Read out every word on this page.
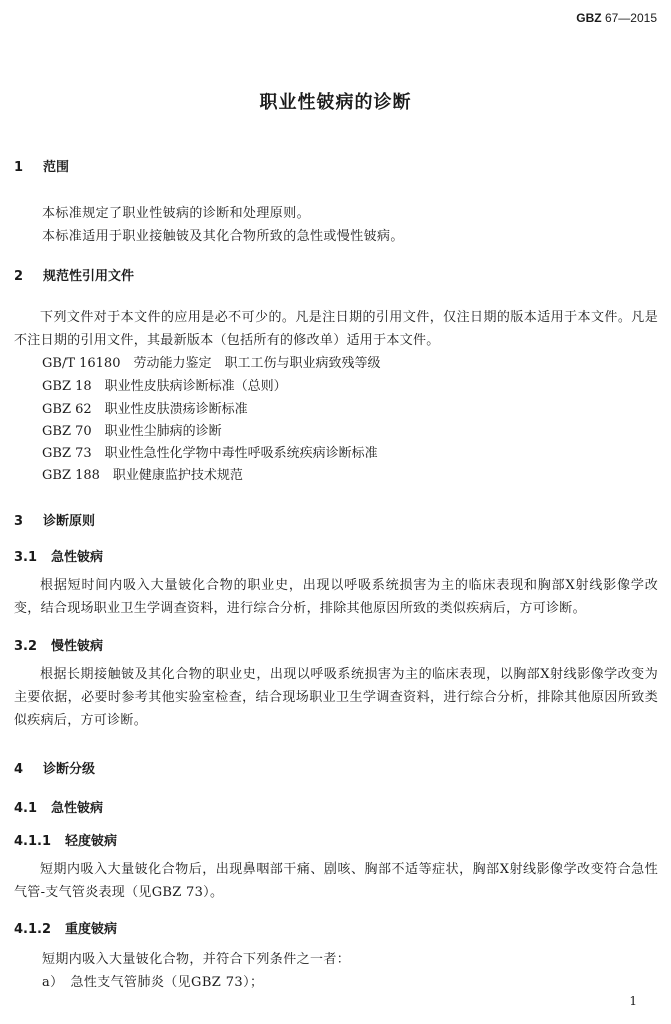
GBZ 67—2015
职业性铍病的诊断
1 范围
本标准规定了职业性铍病的诊断和处理原则。
本标准适用于职业接触铍及其化合物所致的急性或慢性铍病。
2 规范性引用文件
下列文件对于本文件的应用是必不可少的。凡是注日期的引用文件，仅注日期的版本适用于本文件。凡是不注日期的引用文件，其最新版本（包括所有的修改单）适用于本文件。
GB/T 16180　劳动能力鉴定　职工工伤与职业病致残等级
GBZ 18　职业性皮肤病诊断标准（总则）
GBZ 62　职业性皮肤溃疡诊断标准
GBZ 70　职业性尘肺病的诊断
GBZ 73　职业性急性化学物中毒性呼吸系统疾病诊断标准
GBZ 188　职业健康监护技术规范
3 诊断原则
3.1 急性铍病
根据短时间内吸入大量铍化合物的职业史，出现以呼吸系统损害为主的临床表现和胸部X射线影像学改变，结合现场职业卫生学调查资料，进行综合分析，排除其他原因所致的类似疾病后，方可诊断。
3.2 慢性铍病
根据长期接触铍及其化合物的职业史，出现以呼吸系统损害为主的临床表现，以胸部X射线影像学改变为主要依据，必要时参考其他实验室检查，结合现场职业卫生学调查资料，进行综合分析，排除其他原因所致类似疾病后，方可诊断。
4 诊断分级
4.1 急性铍病
4.1.1 轻度铍病
短期内吸入大量铍化合物后，出现鼻咽部干痛、剧咳、胸部不适等症状，胸部X射线影像学改变符合急性气管-支气管炎表现（见GBZ 73）。
4.1.2 重度铍病
短期内吸入大量铍化合物，并符合下列条件之一者：
a）　急性支气管肺炎（见GBZ 73）；
1
